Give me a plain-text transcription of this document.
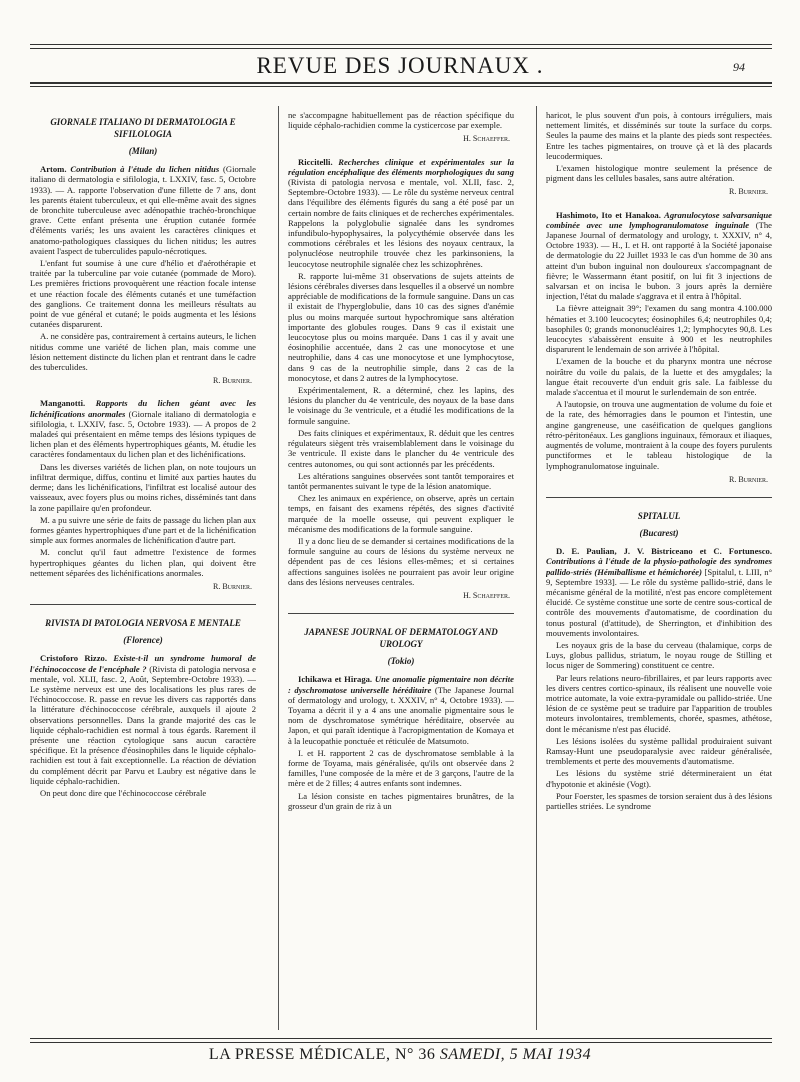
REVUE DES JOURNAUX .	94
GIORNALE ITALIANO DI DERMATOLOGIA E SIFILOLOGIA
(Milan)

Artom. Contribution à l'étude du lichen nitidus (Giornale italiano di dermatologia e sifilologia, t. LXXIV, fasc. 5, Octobre 1933). — A. rapporte l'observation d'une fillette de 7 ans, dont les parents étaient tuberculeux, et qui elle-même avait des signes de bronchite tuberculeuse avec adénopathie trachéo-bronchique grave. Cette enfant présenta une éruption cutanée formée d'éléments variés; les uns avaient les caractères cliniques et anatomo-pathologiques classiques du lichen nitidus; les autres avaient l'aspect de tuberculides papulo-nécrotiques.

L'enfant fut soumise à une cure d'hélio et d'aérothérapie et traitée par la tuberculine par voie cutanée (pommade de Moro). Les premières frictions provoquèrent une réaction focale intense et une réaction focale des éléments cutanés et une tuméfaction des ganglions. Ce traitement donna les meilleurs résultats au point de vue général et cutané; le poids augmenta et les lésions cutanées disparurent.

A. ne considère pas, contrairement à certains auteurs, le lichen nitidus comme une variété de lichen plan, mais comme une lésion nettement distincte du lichen plan et rentrant dans le cadre des tuberculides.

R. Burnier.

Manganotti. Rapports du lichen géant avec les lichénifications anormales (Giornale italiano di dermatologia e sifilologia, t. LXXIV, fasc. 5, Octobre 1933). — A propos de 2 maladeś qui présentaient en même temps des lésions typiques de lichen plan et des éléments hypertrophiques géants, M. étudie les caractères fondamentaux du lichen plan et des lichénifications.

Dans les diverses variétés de lichen plan, on note toujours un infiltrat dermique, diffus, continu et limité aux parties hautes du derme; dans les lichénifications, l'infiltrat est localisé autour des vaisseaux, avec foyers plus ou moins riches, disséminés tant dans la zone papillaire qu'en profondeur.

M. a pu suivre une série de faits de passage du lichen plan aux formes géantes hypertrophiques d'une part et de la lichénification simple aux formes anormales de lichénification d'autre part.

M. conclut qu'il faut admettre l'existence de formes hypertrophiques géantes du lichen plan, qui doivent être nettement séparées des lichénifications anormales.

R. Burnier.
RIVISTA DI PATOLOGIA NERVOSA E MENTALE
(Florence)

Cristoforo Rizzo. Existe-t-il un syndrome humoral de l'échinococcose de l'encéphale ? (Rivista di patologia nervosa e mentale, vol. XLII, fasc. 2, Août, Septembre-Octobre 1933). — Le système nerveux est une des localisations les plus rares de l'échinococcose. R. passe en revue les divers cas rapportés dans la littérature d'échinococcose cérébrale, auxquels il ajoute 2 observations personnelles. Dans la grande majorité des cas le liquide céphalo-rachidien est normal à tous égards. Rarement il présente une réaction cytologique sans aucun caractère spécifique. Et la présence d'éosinophiles dans le liquide céphalo-rachidien est tout à fait exceptionnelle. La réaction de déviation du complément décrit par Parvu et Laubry est négative dans le liquide céphalo-rachidien.

On peut donc dire que l'échinococcose cérébrale

ne s'accompagne habituellement pas de réaction spécifique du liquide céphalo-rachidien comme la cysticercose par exemple.

H. Schaeffer.

Riccitelli. Recherches clinique et expérimentales sur la régulation encéphalique des éléments morphologiques du sang (Rivista di patologia nervosa e mentale, vol. XLII, fasc. 2, Septembre-Octobre 1933). — Le rôle du système nerveux central dans l'équilibre des éléments figurés du sang a été posé par un certain nombre de faits cliniques et de recherches expérimentales. Rappelons la polyglobulie signalée dans les syndromes infundibulo-hypophysaires, la polycythémie observée dans les commotions cérébrales et les lésions des noyaux centraux, la polynucléose neutrophile trouvée chez les parkinsoniens, la leucocytose neutrophile signalée chez les schizophrènes.

R. rapporte lui-même 31 observations de sujets atteints de lésions cérébrales diverses dans lesquelles il a observé un nombre appréciable de modifications de la formule sanguine. Dans un cas il existait de l'hyperglobulie, dans 10 cas des signes d'anémie plus ou moins marquée surtout hypochromique sans altération importante des globules rouges. Dans 9 cas il existait une leucocytose plus ou moins marquée. Dans 1 cas il y avait une éosinophilie accentuée, dans 2 cas une monocytose et une neutrophilie, dans 4 cas une monocytose et une lymphocytose, dans 9 cas de la neutrophilie simple, dans 2 cas de la monocytose, et dans 2 autres de la lymphocytose.

Expérimentalement, R. a déterminé, chez les lapins, des lésions du plancher du 4e ventricule, des noyaux de la base dans le voisinage du 3e ventricule, et a étudié les modifications de la formule sanguine.

Des faits cliniques et expérimentaux, R. déduit que les centres régulateurs siègent très vraisemblablement dans le voisinage du 3e ventricule. Il existe dans le plancher du 4e ventricule des centres autonomes, ou qui sont actionnés par les précédents.

Les altérations sanguines observées sont tantôt temporaires et tantôt permanentes suivant le type de la lésion anatomique.

Chez les animaux en expérience, on observe, après un certain temps, en faisant des examens répétés, des signes d'activité marquée de la moelle osseuse, qui peuvent expliquer le mécanisme des modifications de la formule sanguine.

Il y a donc lieu de se demander si certaines modifications de la formule sanguine au cours de lésions du système nerveux ne dépendent pas de ces lésions elles-mêmes; et si certaines affections sanguines isolées ne pourraient pas avoir leur origine dans des lésions nerveuses centrales.

H. Schaeffer.
JAPANESE JOURNAL OF DERMATOLOGY AND UROLOGY
(Tokio)

Ichikawa et Hiraga. Une anomalie pigmentaire non décrite : dyschromatose universelle héréditaire (The Japanese Journal of dermatology and urology, t. XXXIV, n° 4, Octobre 1933). — Toyama a décrit il y a 4 ans une anomalie pigmentaire sous le nom de dyschromatose symétrique héréditaire, observée au Japon, et qui paraît identique à l'acropigmentation de Komaya et à la leucopathie ponctuée et réticulée de Matsumoto.

I. et H. rapportent 2 cas de dyschromatose semblable à la forme de Toyama, mais généralisée, qu'ils ont observée dans 2 familles, l'une composée de la mère et de 3 garçons, l'autre de la mère et de 2 filles; 4 autres enfants sont indemnes.

La lésion consiste en taches pigmentaires brunâtres, de la grosseur d'un grain de riz à un

haricot, le plus souvent d'un pois, à contours irréguliers, mais nettement limités, et disséminés sur toute la surface du corps. Seules la paume des mains et la plante des pieds sont respectées. Entre les taches pigmentaires, on trouve çà et là des placards leucodermiques.

L'examen histologique montre seulement la présence de pigment dans les cellules basales, sans autre altération.

R. Burnier.

Hashimoto, Ito et Hanakoa. Agranulocytose salvarsanique combinée avec une lymphogranulomatose inguinale (The Japanese Journal of dermatology and urology, t. XXXIV, n° 4, Octobre 1933). — H., I. et H. ont rapporté à la Société japonaise de dermatologie du 22 Juillet 1933 le cas d'un homme de 30 ans atteint d'un bubon inguinal non douloureux s'accompagnant de fièvre; le Wassermann étant positif, on lui fit 3 injections de salvarsan et on incisa le bubon. 3 jours après la dernière injection, l'état du malade s'aggrava et il entra à l'hôpital.

La fièvre atteignait 39°; l'examen du sang montra 4.100.000 hématies et 3.100 leucocytes; éosinophiles 6,4; neutrophiles 0,4; basophiles 0; grands mononucléaires 1,2; lymphocytes 90,8. Les leucocytes s'abaissèrent ensuite à 900 et les neutrophiles disparurent le lendemain de son arrivée à l'hôpital.

L'examen de la bouche et du pharynx montra une nécrose noirâtre du voile du palais, de la luette et des amygdales; la langue était recouverte d'un enduit gris sale. La faiblesse du malade s'accentua et il mourut le surlendemain de son entrée.

A l'autopsie, on trouva une augmentation de volume du foie et de la rate, des hémorragies dans le poumon et l'intestin, une angine gangreneuse, une caséification de quelques ganglions rétro-péritonéaux. Les ganglions inguinaux, fémoraux et iliaques, augmentés de volume, montraient à la coupe des foyers purulents punctiformes et le tableau histologique de la lymphogranulomatose inguinale.

R. Burnier.
SPITALUL
(Bucarest)

D. E. Paulian, J. V. Bistriceano et C. Fortunesco. Contributions à l'étude de la physio-pathologie des syndromes pallido-striés (Hémiballisme et hémichorée) [Spitalul, t. LIII, n° 9, Septembre 1933]. — Le rôle du système pallido-strié, dans le mécanisme général de la motilité, n'est pas encore complètement élucidé. Ce système constitue une sorte de centre sous-cortical de contrôle des mouvements d'automatisme, de coordination du tonus postural (d'attitude), de Sherrington, et d'inhibition des mouvements involontaires.

Les noyaux gris de la base du cerveau (thalamique, corps de Luys, globus pallidus, striatum, le noyau rouge de Stilling et locus niger de Sommering) constituent ce centre.

Par leurs relations neuro-fibrillaires, et par leurs rapports avec les divers centres cortico-spinaux, ils réalisent une nouvelle voie motrice automate, la voie extra-pyramidale ou pallido-striée. Une lésion de ce système peut se traduire par l'apparition de troubles moteurs involontaires, tremblements, chorée, spasmes, athétose, dont le mécanisme n'est pas élucidé.

Les lésions isolées du système pallidal produiraient suivant Ramsay-Hunt une pseudoparalysie avec raideur généralisée, tremblements et perte des mouvements d'automatisme.

Les lésions du système strié détermineraient un état d'hypotonie et akinésie (Vogt).

Pour Foerster, les spasmes de torsion seraient dus à des lésions partielles striées. Le syndrome

LA PRESSE MÉDICALE, N° 36 SAMEDI, 5 MAI 1934
